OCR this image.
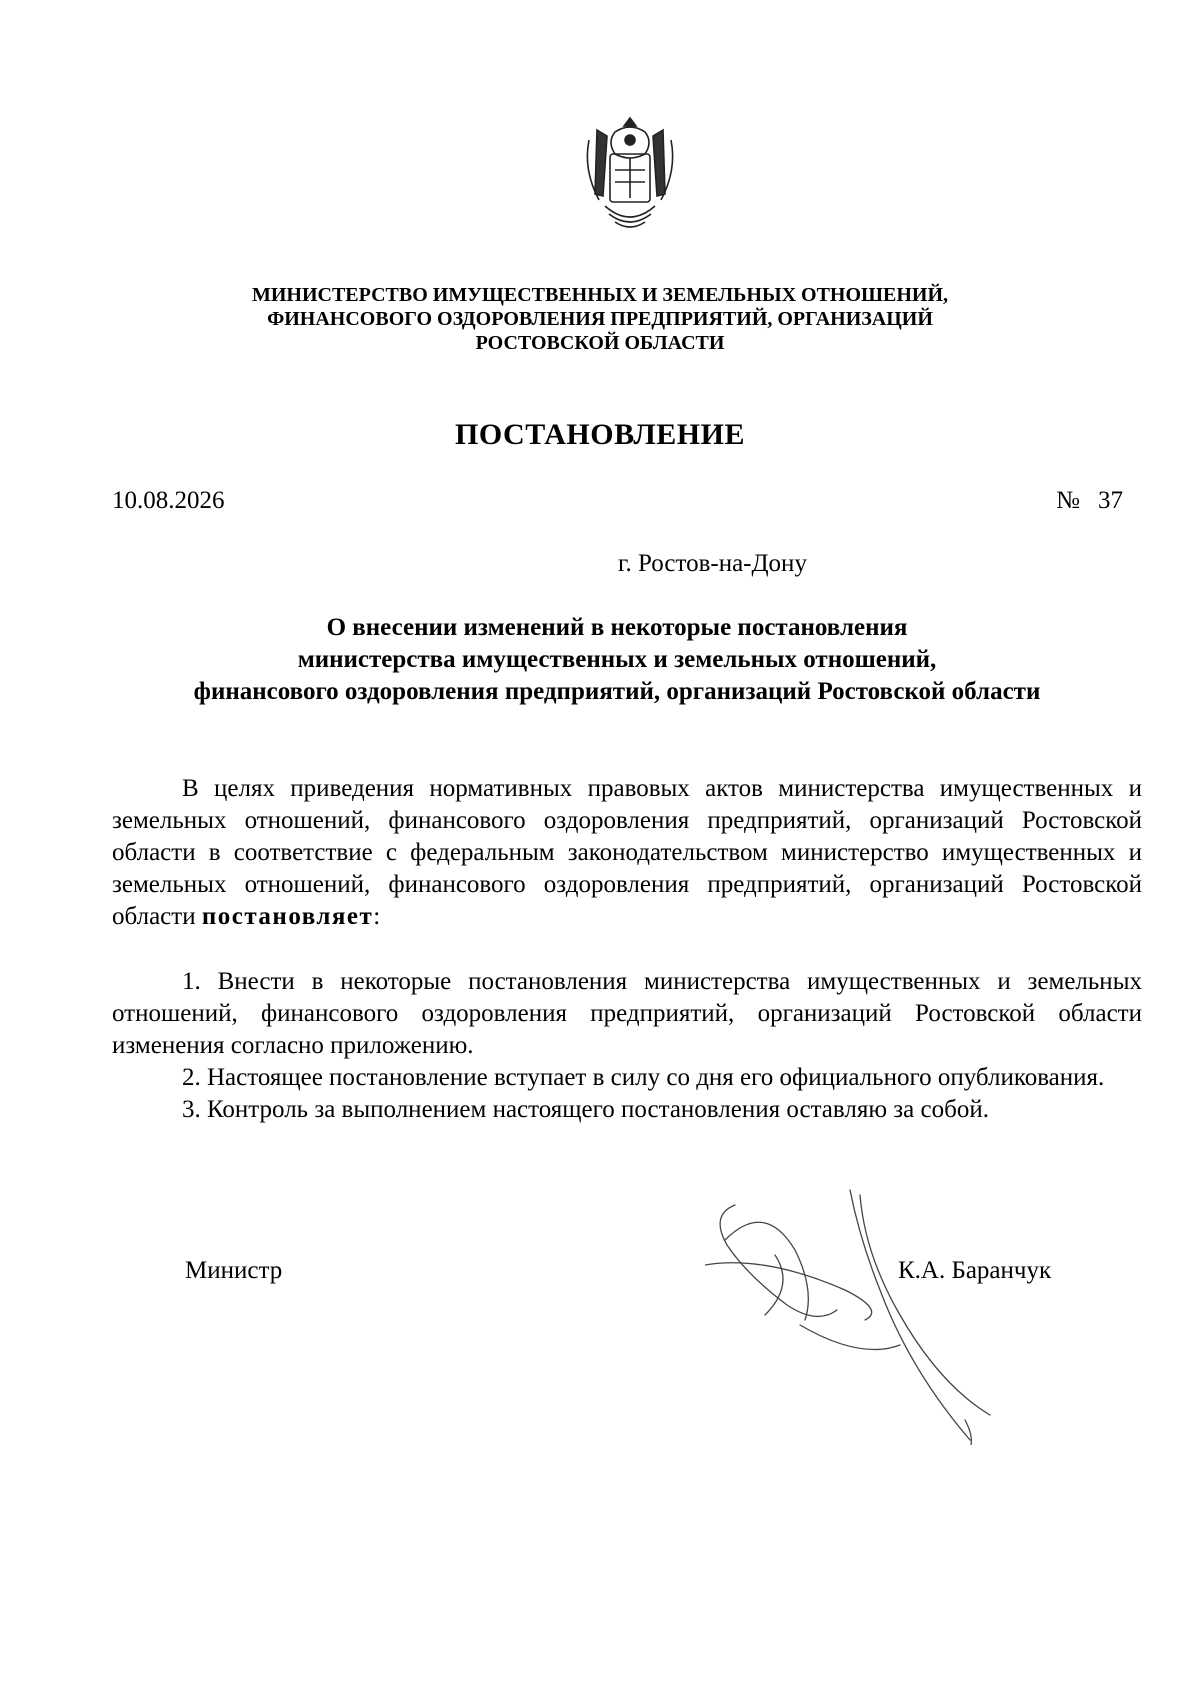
МИНИСТЕРСТВО ИМУЩЕСТВЕННЫХ И ЗЕМЕЛЬНЫХ ОТНОШЕНИЙ,
ФИНАНСОВОГО ОЗДОРОВЛЕНИЯ ПРЕДПРИЯТИЙ, ОРГАНИЗАЦИЙ
РОСТОВСКОЙ ОБЛАСТИ
ПОСТАНОВЛЕНИЕ
10.08.2026	№ 37
г. Ростов-на-Дону
О внесении изменений в некоторые постановления
министерства имущественных и земельных отношений,
финансового оздоровления предприятий, организаций Ростовской области

В целях приведения нормативных правовых актов министерства имущественных и земельных отношений, финансового оздоровления предприятий, организаций Ростовской области в соответствие с федеральным законодательством министерство имущественных и земельных отношений, финансового оздоровления предприятий, организаций Ростовской области постановляет:

1. Внести в некоторые постановления министерства имущественных и земельных отношений, финансового оздоровления предприятий, организаций Ростовской области изменения согласно приложению.

2. Настоящее постановление вступает в силу со дня его официального опубликования.

3. Контроль за выполнением настоящего постановления оставляю за собой.

Министр	К.А. Баранчук
